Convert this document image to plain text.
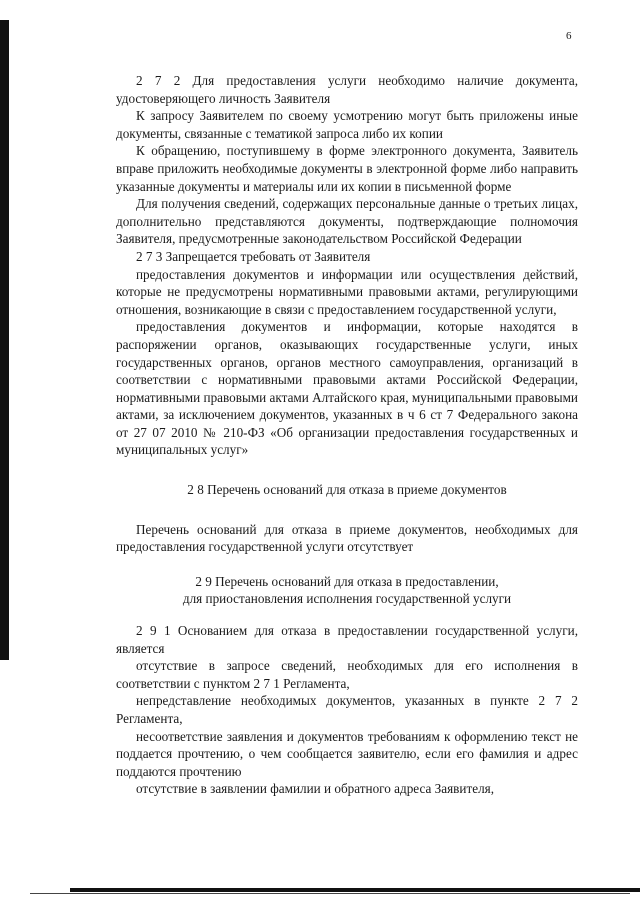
6

2 7 2 Для предоставления услуги необходимо наличие документа, удостоверяющего личность Заявителя

К запросу Заявителем по своему усмотрению могут быть приложены иные документы, связанные с тематикой запроса либо их копии

К обращению, поступившему в форме электронного документа, Заявитель вправе приложить необходимые документы в электронной форме либо направить указанные документы и материалы или их копии в письменной форме

Для получения сведений, содержащих персональные данные о третьих лицах, дополнительно представляются документы, подтверждающие полномочия Заявителя, предусмотренные законодательством Российской Федерации

2 7 3 Запрещается требовать от Заявителя

предоставления документов и информации или осуществления действий, которые не предусмотрены нормативными правовыми актами, регулирующими отношения, возникающие в связи с предоставлением государственной услуги,

предоставления документов и информации, которые находятся в распоряжении органов, оказывающих государственные услуги, иных государственных органов, органов местного самоуправления, организаций в соответствии с нормативными правовыми актами Российской Федерации, нормативными правовыми актами Алтайского края, муниципальными правовыми актами, за исключением документов, указанных в ч 6 ст 7 Федерального закона от 27 07 2010 № 210-ФЗ «Об организации предоставления государственных и муниципальных услуг»

2 8 Перечень оснований для отказа в приеме документов

Перечень оснований для отказа в приеме документов, необходимых для предоставления государственной услуги отсутствует

2 9 Перечень оснований для отказа в предоставлении,

для приостановления исполнения государственной услуги

2 9 1 Основанием для отказа в предоставлении государственной услуги, является

отсутствие в запросе сведений, необходимых для его исполнения в соответствии с пунктом 2 7 1 Регламента,

непредставление необходимых документов, указанных в пункте 2 7 2 Регламента,

несоответствие заявления и документов требованиям к оформлению текст не поддается прочтению, о чем сообщается заявителю, если его фамилия и адрес поддаются прочтению

отсутствие в заявлении фамилии и обратного адреса Заявителя,
